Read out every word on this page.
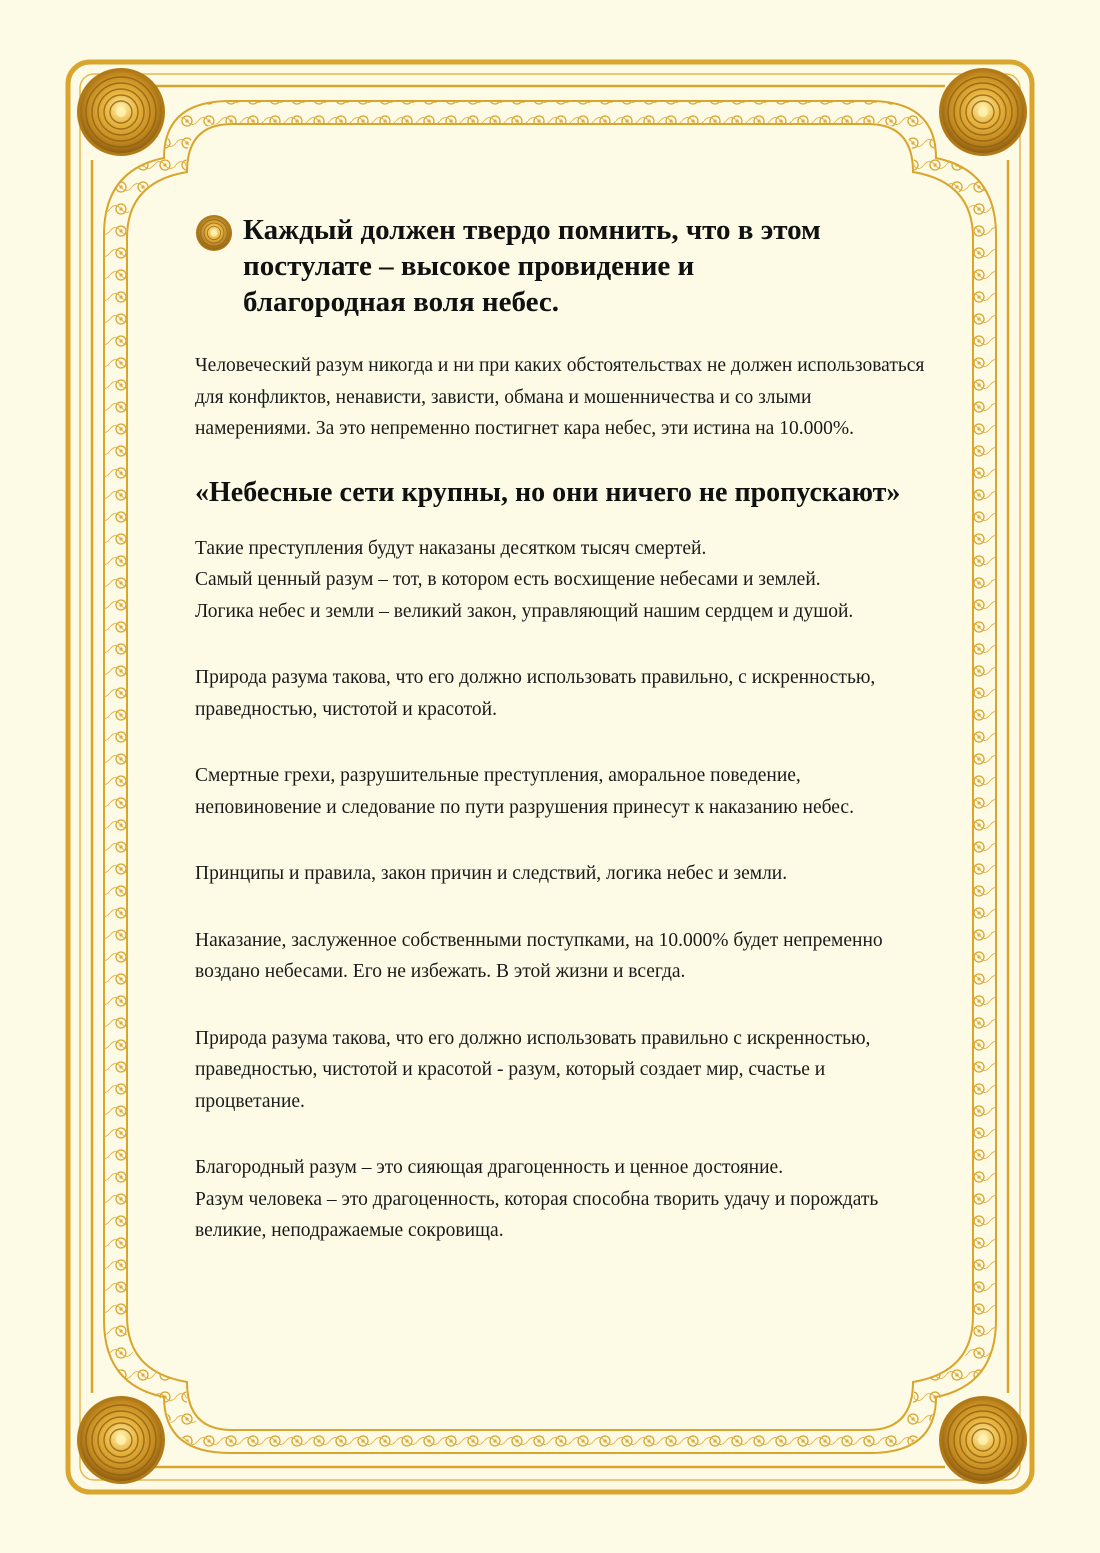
Каждый должен твердо помнить, что в этом постулате – высокое провидение и благородная воля небес.

Человеческий разум никогда и ни при каких обстоятельствах не должен использоваться для конфликтов, ненависти, зависти, обмана и мошенничества и со злыми намерениями. За это непременно постигнет кара небес, эти истина на 10.000%.

«Небесные сети крупны, но они ничего не пропускают»

Такие преступления будут наказаны десятком тысяч смертей.
Самый ценный разум – тот, в котором есть восхищение небесами и землей.
Логика небес и земли – великий закон, управляющий нашим сердцем и душой.

Природа разума такова, что его должно использовать правильно, с искренностью, праведностью, чистотой и красотой.

Смертные грехи, разрушительные преступления, аморальное поведение, неповиновение и следование по пути разрушения принесут к наказанию небес.

Принципы и правила, закон причин и следствий, логика небес и земли.

Наказание, заслуженное собственными поступками, на 10.000% будет непременно воздано небесами. Его не избежать. В этой жизни и всегда.

Природа разума такова, что его должно использовать правильно с искренностью, праведностью, чистотой и красотой - разум, который создает мир, счастье и процветание.

Благородный разум – это сияющая драгоценность и ценное достояние.
Разум человека – это драгоценность, которая способна творить удачу и порождать великие, неподражаемые сокровища.
